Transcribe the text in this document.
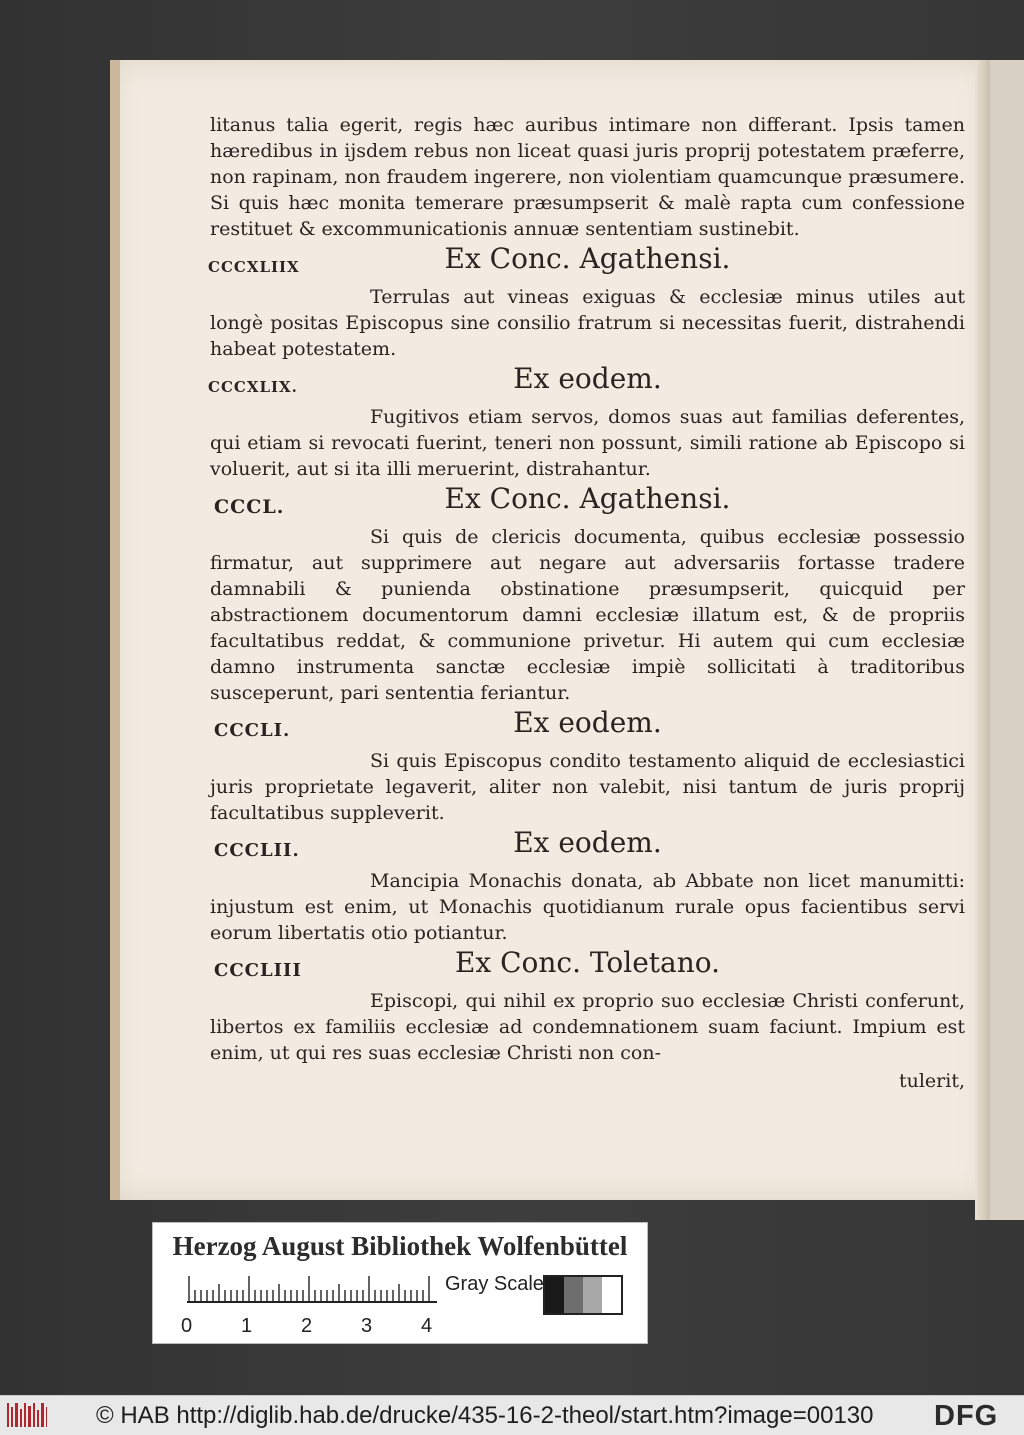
litanus talia egerit, regis hæc auribus intimare non differant. Ipsis tamen hæredibus in ijsdem rebus non liceat quasi juris proprij potestatem præferre, non rapinam, non fraudem ingerere, non violentiam quamcunque præsumere. Si quis hæc monita temerare præsumpserit & malè rapta cum confessione restituet & excommunicationis annuæ sententiam sustinebit.
CCCXLIIX	Ex Conc. Agathensi.
Terrulas aut vineas exiguas & ecclesiæ minus utiles aut longè positas Episcopus sine consilio fratrum si necessitas fuerit, distrahendi habeat potestatem.
CCCXLIX.	Ex eodem.
Fugitivos etiam servos, domos suas aut familias deferentes, qui etiam si revocati fuerint, teneri non possunt, simili ratione ab Episcopo si voluerit, aut si ita illi meruerint, distrahantur.
CCCL.	Ex Conc. Agathensi.
Si quis de clericis documenta, quibus ecclesiæ possessio firmatur, aut supprimere aut negare aut adversariis fortasse tradere damnabili & punienda obstinatione præsumpserit, quicquid per abstractionem documentorum damni ecclesiæ illatum est, & de propriis facultatibus reddat, & communione privetur. Hi autem qui cum ecclesiæ damno instrumenta sanctæ ecclesiæ impiè sollicitati à traditoribus susceperunt, pari sententia feriantur.
CCCLI.	Ex eodem.
Si quis Episcopus condito testamento aliquid de ecclesiastici juris proprietate legaverit, aliter non valebit, nisi tantum de juris proprij facultatibus suppleverit.
CCCLII.	Ex eodem.
Mancipia Monachis donata, ab Abbate non licet manumitti: injustum est enim, ut Monachis quotidianum rurale opus facientibus servi eorum libertatis otio potiantur.
CCCLIII	Ex Conc. Toletano.
Episcopi, qui nihil ex proprio suo ecclesiæ Christi conferunt, libertos ex familiis ecclesiæ ad condemnationem suam faciunt. Impium est enim, ut qui res suas ecclesiæ Christi non con-
tulerit,
Herzog August Bibliothek Wolfenbüttel
0 1 2 3 4
Gray Scale
© HAB http://diglib.hab.de/drucke/435-16-2-theol/start.htm?image=00130 DFG
